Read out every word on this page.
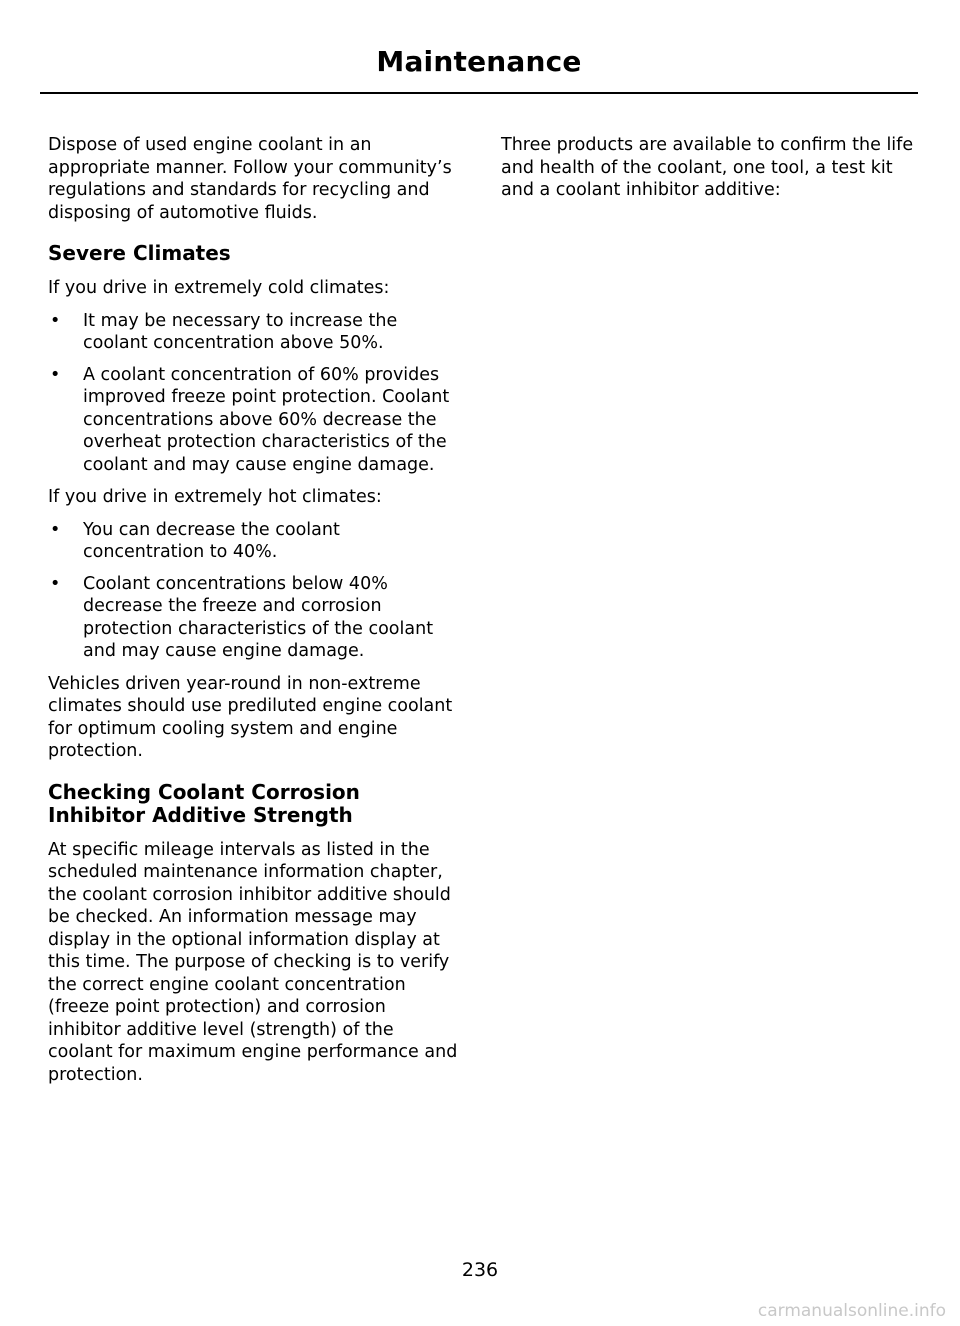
Maintenance

Dispose of used engine coolant in an appropriate manner. Follow your community’s regulations and standards for recycling and disposing of automotive fluids.

Severe Climates

If you drive in extremely cold climates:

• It may be necessary to increase the coolant concentration above 50%.
• A coolant concentration of 60% provides improved freeze point protection. Coolant concentrations above 60% decrease the overheat protection characteristics of the coolant and may cause engine damage.

If you drive in extremely hot climates:

• You can decrease the coolant concentration to 40%.
• Coolant concentrations below 40% decrease the freeze and corrosion protection characteristics of the coolant and may cause engine damage.

Vehicles driven year-round in non-extreme climates should use prediluted engine coolant for optimum cooling system and engine protection.

Checking Coolant Corrosion
Inhibitor Additive Strength

At specific mileage intervals as listed in the scheduled maintenance information chapter, the coolant corrosion inhibitor additive should be checked. An information message may display in the optional information display at this time. The purpose of checking is to verify the correct engine coolant concentration (freeze point protection) and corrosion inhibitor additive level (strength) of the coolant for maximum engine performance and protection.

Three products are available to confirm the life and health of the coolant, one tool, a test kit and a coolant inhibitor additive:

236
carmanualsonline.info
